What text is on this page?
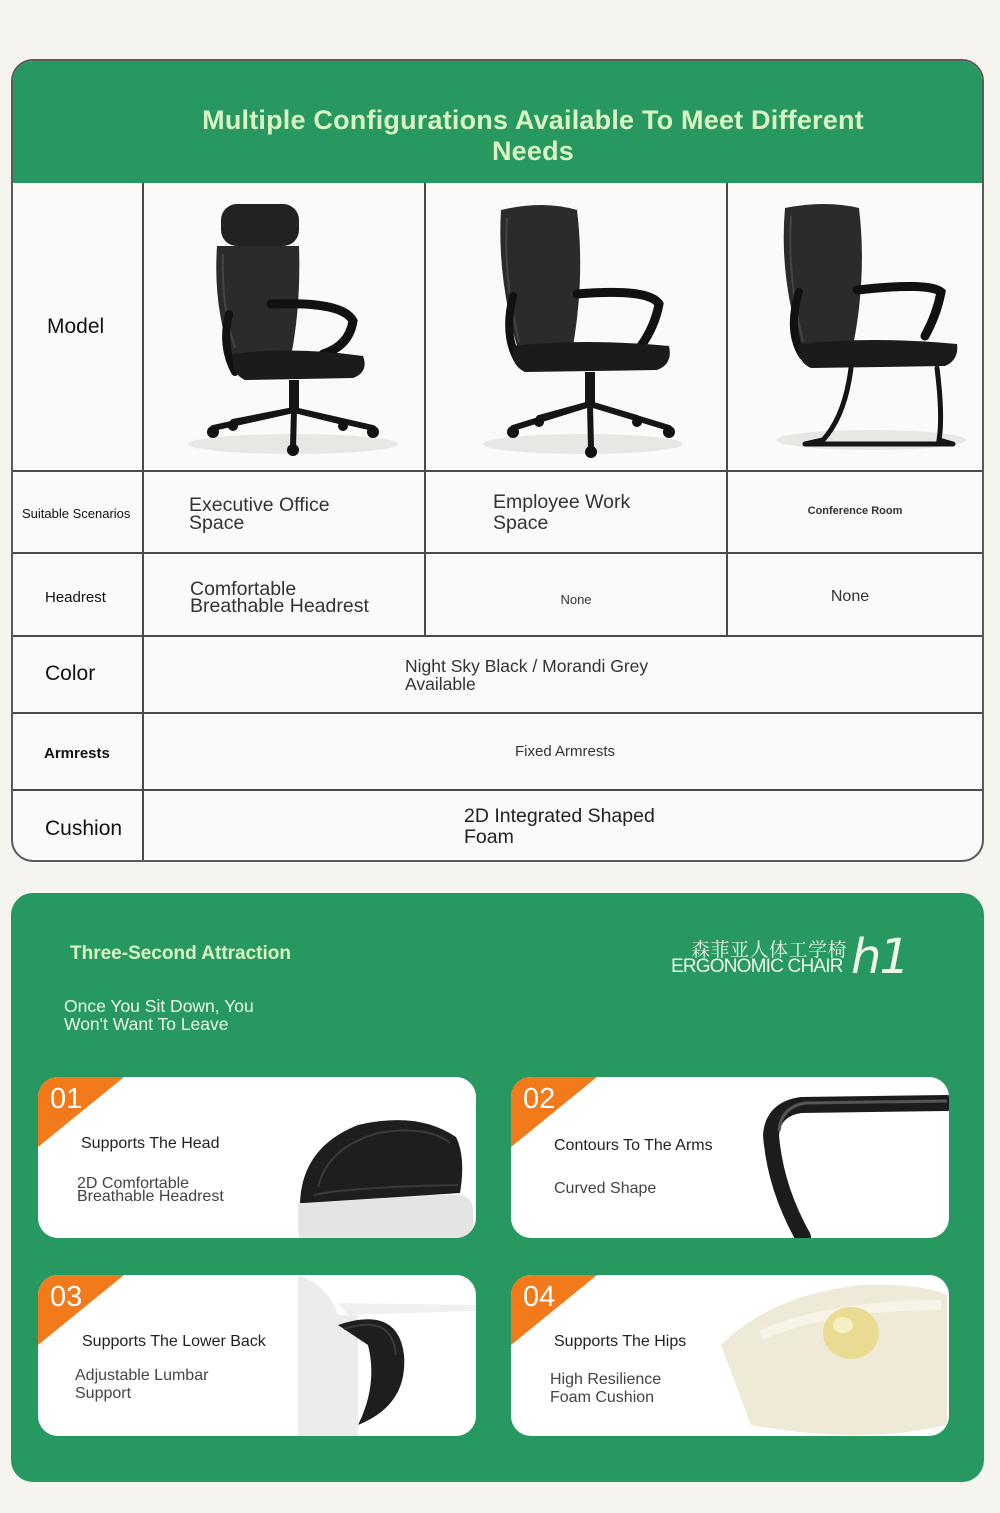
Multiple Configurations Available To Meet Different Needs
Model
Suitable Scenarios
Headrest
Color
Armrests
Cushion
Executive Office
Space
Employee Work
Space
Conference Room
Comfortable
Breathable Headrest	None	None
Night Sky Black / Morandi Grey
Available
Fixed Armrests
2D Integrated Shaped
Foam
Three-Second Attraction
Once You Sit Down, You
Won't Want To Leave
森菲亚人体工学椅
ERGONOMIC CHAIR h1
01
Supports The Head
2D Comfortable
Breathable Headrest
02
Contours To The Arms
Curved Shape
03
Supports The Lower Back
Adjustable Lumbar
Support
04
Supports The Hips
High Resilience
Foam Cushion
